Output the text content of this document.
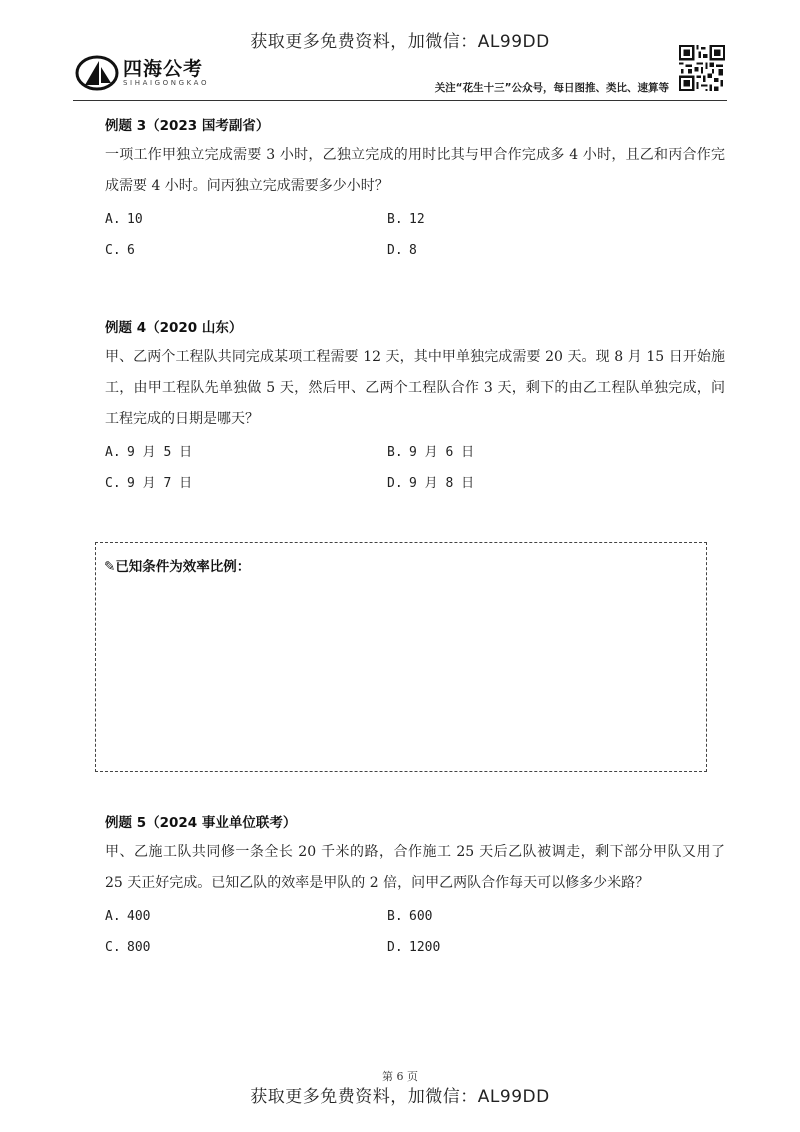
获取更多免费资料，加微信：AL99DD
四海公考
SIHAIGONGKAO	关注“花生十三”公众号，每日图推、类比、速算等
例题 3（2023 国考副省）
一项工作甲独立完成需要 3 小时，乙独立完成的用时比其与甲合作完成多 4 小时，且乙和丙合作完成需要 4 小时。问丙独立完成需要多少小时？
A. 10	B. 12
C. 6	D. 8
例题 4（2020 山东）
甲、乙两个工程队共同完成某项工程需要 12 天，其中甲单独完成需要 20 天。现 8 月 15 日开始施工，由甲工程队先单独做 5 天，然后甲、乙两个工程队合作 3 天，剩下的由乙工程队单独完成，问工程完成的日期是哪天？
A. 9 月 5 日	B. 9 月 6 日
C. 9 月 7 日	D. 9 月 8 日
✎已知条件为效率比例：
例题 5（2024 事业单位联考）
甲、乙施工队共同修一条全长 20 千米的路，合作施工 25 天后乙队被调走，剩下部分甲队又用了 25 天正好完成。已知乙队的效率是甲队的 2 倍，问甲乙两队合作每天可以修多少米路？
A. 400	B. 600
C. 800	D. 1200
第 6 页
获取更多免费资料，加微信：AL99DD
